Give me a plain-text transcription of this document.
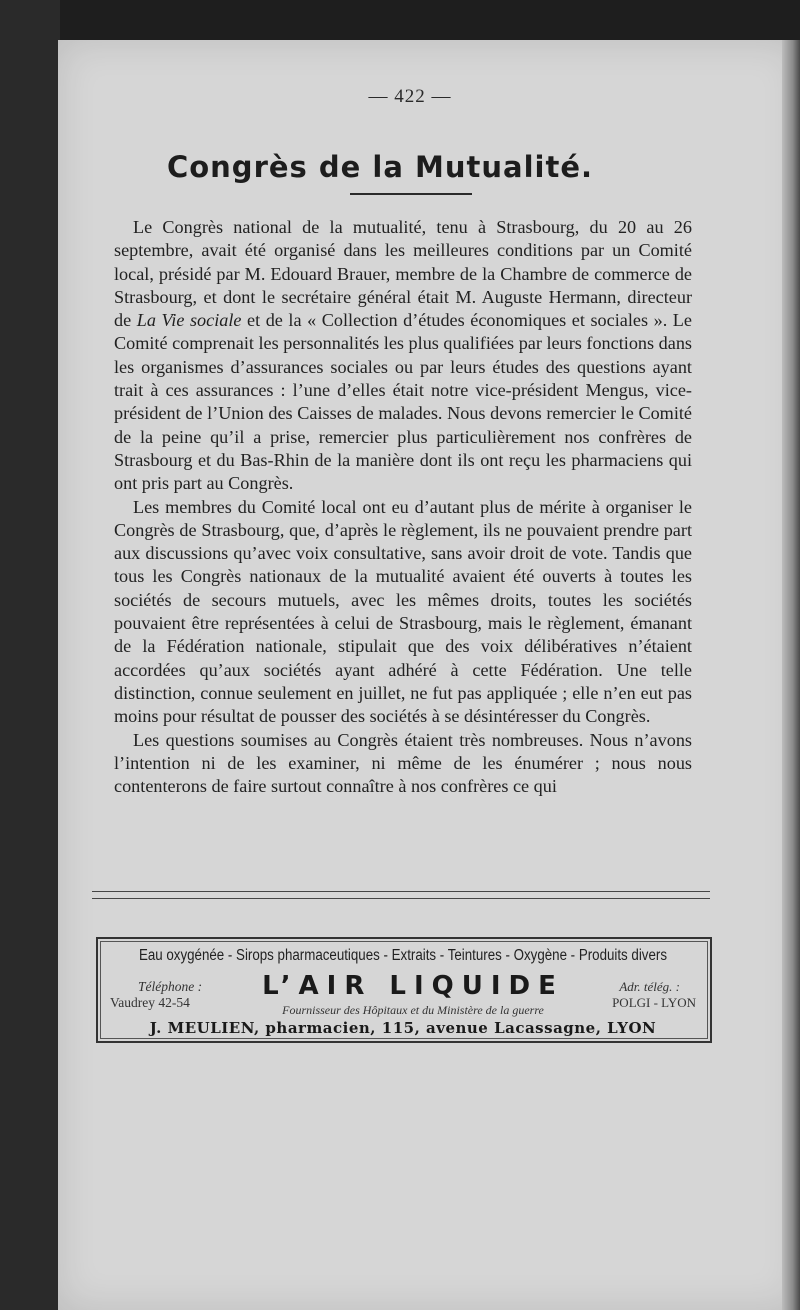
— 422 —
Congrès de la Mutualité.

Le Congrès national de la mutualité, tenu à Strasbourg, du 20 au 26 septembre, avait été organisé dans les meilleures conditions par un Comité local, présidé par M. Edouard Brauer, membre de la Chambre de commerce de Strasbourg, et dont le secrétaire général était M. Auguste Hermann, directeur de La Vie sociale et de la « Collection d’études économiques et sociales ». Le Comité comprenait les personnalités les plus qualifiées par leurs fonctions dans les organismes d’assurances sociales ou par leurs études des questions ayant trait à ces assurances : l’une d’elles était notre vice-président Mengus, vice-président de l’Union des Caisses de malades. Nous devons remercier le Comité de la peine qu’il a prise, remercier plus particulièrement nos confrères de Strasbourg et du Bas-Rhin de la manière dont ils ont reçu les pharmaciens qui ont pris part au Congrès.

Les membres du Comité local ont eu d’autant plus de mérite à organiser le Congrès de Strasbourg, que, d’après le règlement, ils ne pouvaient prendre part aux discussions qu’avec voix consultative, sans avoir droit de vote. Tandis que tous les Congrès nationaux de la mutualité avaient été ouverts à toutes les sociétés de secours mutuels, avec les mêmes droits, toutes les sociétés pouvaient être représentées à celui de Strasbourg, mais le règlement, émanant de la Fédération nationale, stipulait que des voix délibératives n’étaient accordées qu’aux sociétés ayant adhéré à cette Fédération. Une telle distinction, connue seulement en juillet, ne fut pas appliquée ; elle n’en eut pas moins pour résultat de pousser des sociétés à se désintéresser du Congrès.

Les questions soumises au Congrès étaient très nombreuses. Nous n’avons l’intention ni de les examiner, ni même de les énumérer ; nous nous contenterons de faire surtout connaître à nos confrères ce qui

Eau oxygénée - Sirops pharmaceutiques - Extraits - Teintures - Oxygène - Produits divers
Téléphone :
Vaudrey 42-54
L’AIR LIQUIDE
Fournisseur des Hôpitaux et du Ministère de la guerre
Adr. télég. :
POLGI - LYON
J. MEULIEN, pharmacien, 115, avenue Lacassagne, LYON
